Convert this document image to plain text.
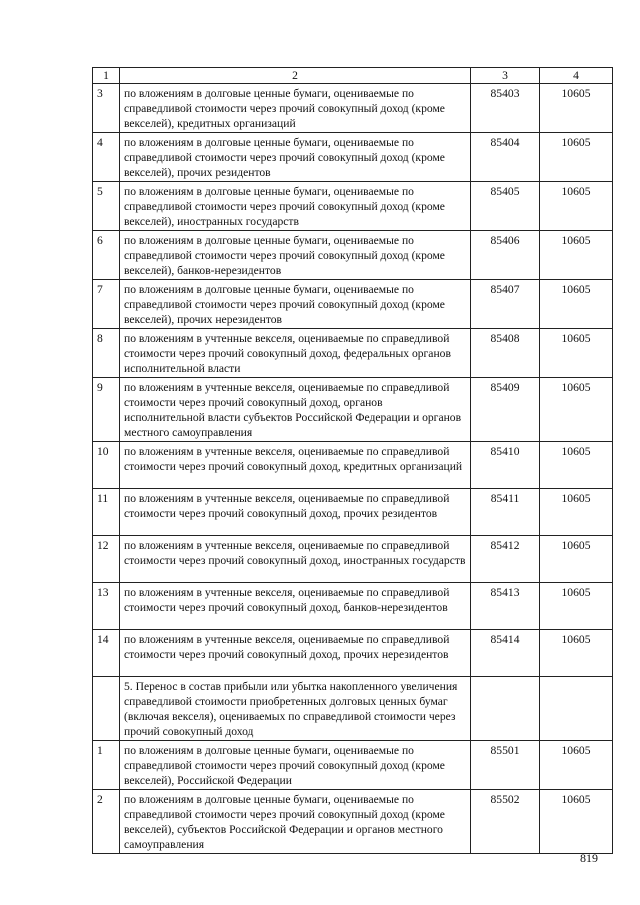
1	2	3	4
3	по вложениям в долговые ценные бумаги, оцениваемые по справедливой стоимости через прочий совокупный доход (кроме векселей), кредитных организаций	85403	10605
4	по вложениям в долговые ценные бумаги, оцениваемые по справедливой стоимости через прочий совокупный доход (кроме векселей), прочих резидентов	85404	10605
5	по вложениям в долговые ценные бумаги, оцениваемые по справедливой стоимости через прочий совокупный доход (кроме векселей), иностранных государств	85405	10605
6	по вложениям в долговые ценные бумаги, оцениваемые по справедливой стоимости через прочий совокупный доход (кроме векселей), банков-нерезидентов	85406	10605
7	по вложениям в долговые ценные бумаги, оцениваемые по справедливой стоимости через прочий совокупный доход (кроме векселей), прочих нерезидентов	85407	10605
8	по вложениям в учтенные векселя, оцениваемые по справедливой стоимости через прочий совокупный доход, федеральных органов исполнительной власти	85408	10605
9	по вложениям в учтенные векселя, оцениваемые по справедливой стоимости через прочий совокупный доход, органов исполнительной власти субъектов Российской Федерации и органов местного самоуправления	85409	10605
10	по вложениям в учтенные векселя, оцениваемые по справедливой стоимости через прочий совокупный доход, кредитных организаций	85410	10605
11	по вложениям в учтенные векселя, оцениваемые по справедливой стоимости через прочий совокупный доход, прочих резидентов	85411	10605
12	по вложениям в учтенные векселя, оцениваемые по справедливой стоимости через прочий совокупный доход, иностранных государств	85412	10605
13	по вложениям в учтенные векселя, оцениваемые по справедливой стоимости через прочий совокупный доход, банков-нерезидентов	85413	10605
14	по вложениям в учтенные векселя, оцениваемые по справедливой стоимости через прочий совокупный доход, прочих нерезидентов	85414	10605
	5. Перенос в состав прибыли или убытка накопленного увеличения справедливой стоимости приобретенных долговых ценных бумаг (включая векселя), оцениваемых по справедливой стоимости через прочий совокупный доход		
1	по вложениям в долговые ценные бумаги, оцениваемые по справедливой стоимости через прочий совокупный доход (кроме векселей), Российской Федерации	85501	10605
2	по вложениям в долговые ценные бумаги, оцениваемые по справедливой стоимости через прочий совокупный доход (кроме векселей), субъектов Российской Федерации и органов местного самоуправления	85502	10605
819
